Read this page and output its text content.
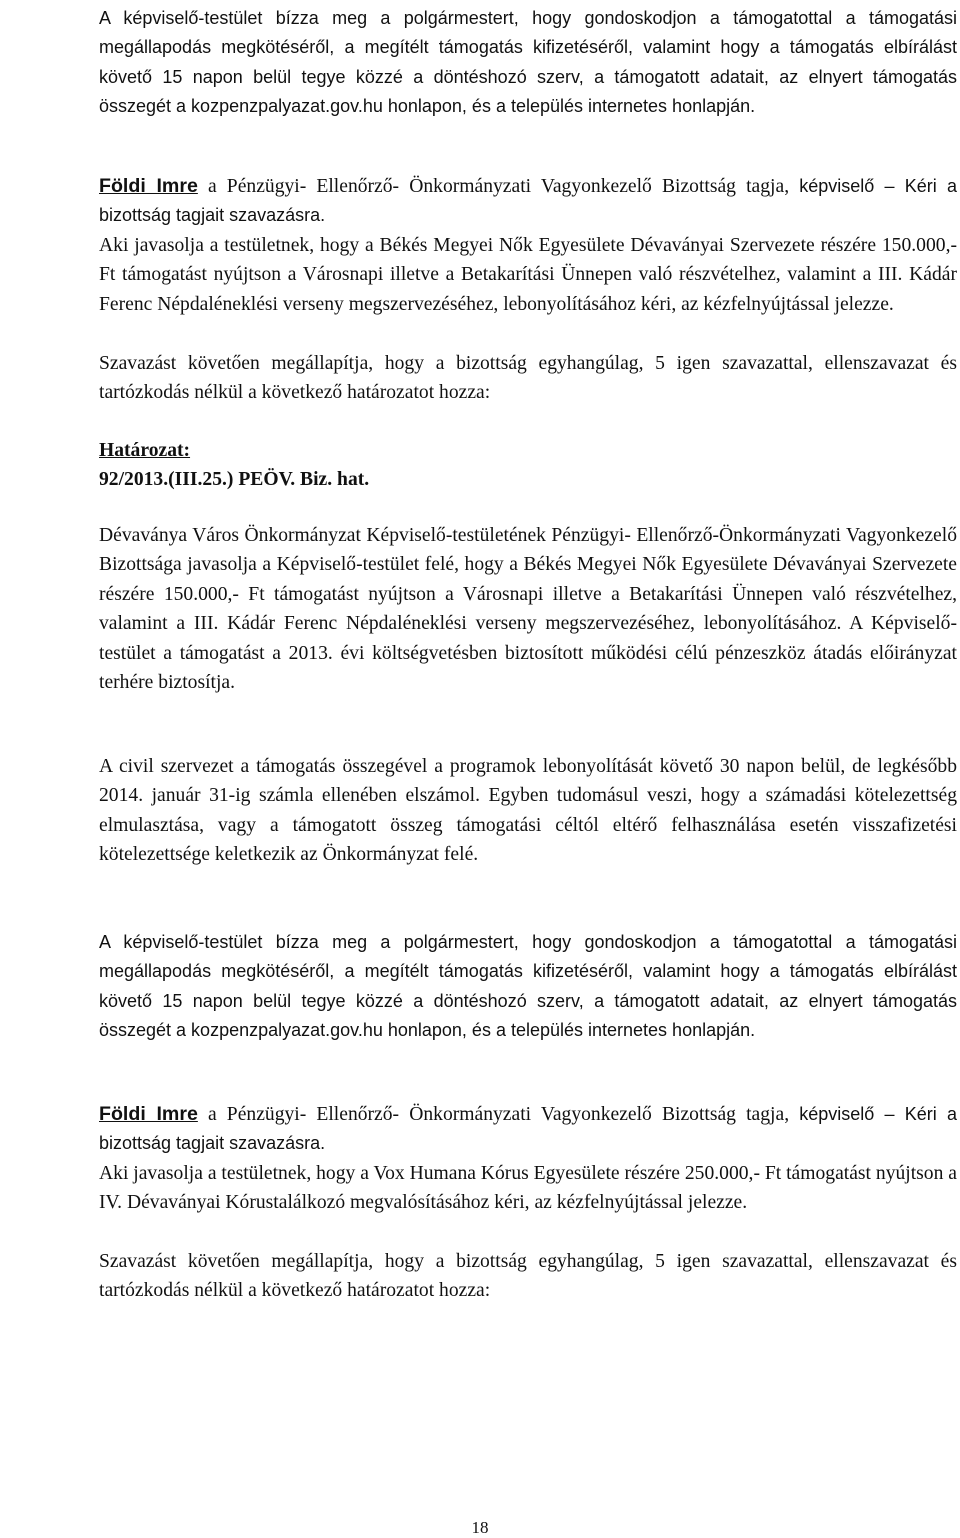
A képviselő-testület bízza meg a polgármestert, hogy gondoskodjon a támogatottal a támogatási megállapodás megkötéséről, a megítélt támogatás kifizetéséről, valamint hogy a támogatás elbírálást követő 15 napon belül tegye közzé a döntéshozó szerv, a támogatott adatait, az elnyert támogatás összegét a kozpenzpalyazat.gov.hu honlapon, és a település internetes honlapján.

Földi Imre a Pénzügyi- Ellenőrző- Önkormányzati Vagyonkezelő Bizottság tagja, képviselő – Kéri a bizottság tagjait szavazásra.

Aki javasolja a testületnek, hogy a Békés Megyei Nők Egyesülete Dévaványai Szervezete részére 150.000,- Ft támogatást nyújtson a Városnapi illetve a Betakarítási Ünnepen való részvételhez, valamint a III. Kádár Ferenc Népdaléneklési verseny megszervezéséhez, lebonyolításához kéri, az kézfelnyújtással jelezze.

Szavazást követően megállapítja, hogy a bizottság egyhangúlag, 5 igen szavazattal, ellenszavazat és tartózkodás nélkül a következő határozatot hozza:

Határozat:

92/2013.(III.25.) PEÖV. Biz. hat.

Dévaványa Város Önkormányzat Képviselő-testületének Pénzügyi- Ellenőrző-Önkormányzati Vagyonkezelő Bizottsága javasolja a Képviselő-testület felé, hogy a Békés Megyei Nők Egyesülete Dévaványai Szervezete részére 150.000,- Ft támogatást nyújtson a Városnapi illetve a Betakarítási Ünnepen való részvételhez, valamint a III. Kádár Ferenc Népdaléneklési verseny megszervezéséhez, lebonyolításához. A Képviselő-testület a támogatást a 2013. évi költségvetésben biztosított működési célú pénzeszköz átadás előirányzat terhére biztosítja.

A civil szervezet a támogatás összegével a programok lebonyolítását követő 30 napon belül, de legkésőbb 2014. január 31-ig számla ellenében elszámol. Egyben tudomásul veszi, hogy a számadási kötelezettség elmulasztása, vagy a támogatott összeg támogatási céltól eltérő felhasználása esetén visszafizetési kötelezettsége keletkezik az Önkormányzat felé.

A képviselő-testület bízza meg a polgármestert, hogy gondoskodjon a támogatottal a támogatási megállapodás megkötéséről, a megítélt támogatás kifizetéséről, valamint hogy a támogatás elbírálást követő 15 napon belül tegye közzé a döntéshozó szerv, a támogatott adatait, az elnyert támogatás összegét a kozpenzpalyazat.gov.hu honlapon, és a település internetes honlapján.

Földi Imre a Pénzügyi- Ellenőrző- Önkormányzati Vagyonkezelő Bizottság tagja, képviselő – Kéri a bizottság tagjait szavazásra.

Aki javasolja a testületnek, hogy a Vox Humana Kórus Egyesülete részére 250.000,- Ft támogatást nyújtson a IV. Dévaványai Kórustalálkozó megvalósításához kéri, az kézfelnyújtással jelezze.

Szavazást követően megállapítja, hogy a bizottság egyhangúlag, 5 igen szavazattal, ellenszavazat és tartózkodás nélkül a következő határozatot hozza:

18
